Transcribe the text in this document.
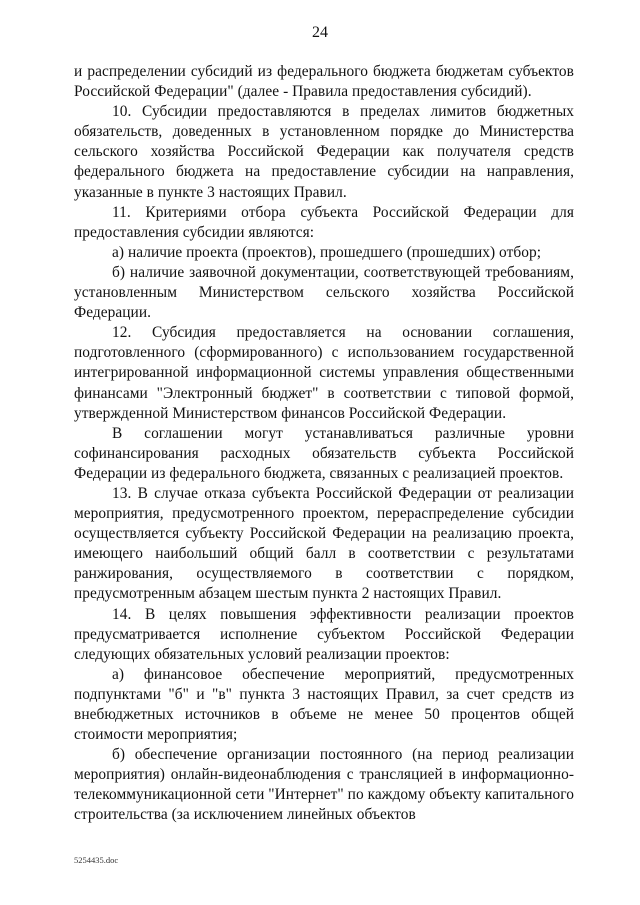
24

и распределении субсидий из федерального бюджета бюджетам субъектов Российской Федерации" (далее - Правила предоставления субсидий).

10. Субсидии предоставляются в пределах лимитов бюджетных обязательств, доведенных в установленном порядке до Министерства сельского хозяйства Российской Федерации как получателя средств федерального бюджета на предоставление субсидии на направления, указанные в пункте 3 настоящих Правил.

11. Критериями отбора субъекта Российской Федерации для предоставления субсидии являются:

а) наличие проекта (проектов), прошедшего (прошедших) отбор;

б) наличие заявочной документации, соответствующей требованиям, установленным Министерством сельского хозяйства Российской Федерации.

12. Субсидия предоставляется на основании соглашения, подготовленного (сформированного) с использованием государственной интегрированной информационной системы управления общественными финансами "Электронный бюджет" в соответствии с типовой формой, утвержденной Министерством финансов Российской Федерации.

В соглашении могут устанавливаться различные уровни софинансирования расходных обязательств субъекта Российской Федерации из федерального бюджета, связанных с реализацией проектов.

13. В случае отказа субъекта Российской Федерации от реализации мероприятия, предусмотренного проектом, перераспределение субсидии осуществляется субъекту Российской Федерации на реализацию проекта, имеющего наибольший общий балл в соответствии с результатами ранжирования, осуществляемого в соответствии с порядком, предусмотренным абзацем шестым пункта 2 настоящих Правил.

14. В целях повышения эффективности реализации проектов предусматривается исполнение субъектом Российской Федерации следующих обязательных условий реализации проектов:

а) финансовое обеспечение мероприятий, предусмотренных подпунктами "б" и "в" пункта 3 настоящих Правил, за счет средств из внебюджетных источников в объеме не менее 50 процентов общей стоимости мероприятия;

б) обеспечение организации постоянного (на период реализации мероприятия) онлайн-видеонаблюдения с трансляцией в информационно-телекоммуникационной сети "Интернет" по каждому объекту капитального строительства (за исключением линейных объектов

5254435.doc
